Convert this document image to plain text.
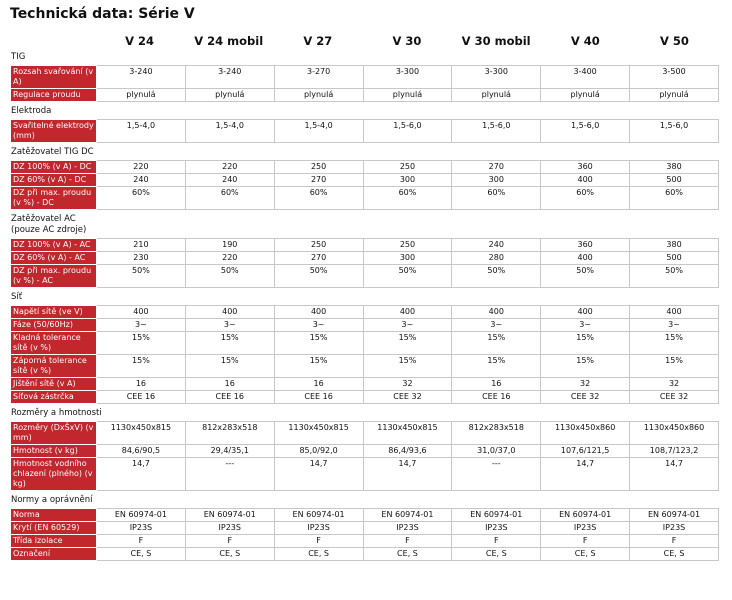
Technická data: Série V
V 24	V 24 mobil	V 27	V 30	V 30 mobil	V 40	V 50
TIG
Rozsah svařování (v A)	3-240	3-240	3-270	3-300	3-300	3-400	3-500
Regulace proudu	plynulá	plynulá	plynulá	plynulá	plynulá	plynulá	plynulá
Elektroda
Svařitelné elektrody (mm)	1,5-4,0	1,5-4,0	1,5-4,0	1,5-6,0	1,5-6,0	1,5-6,0	1,5-6,0
Zatěžovatel TIG DC
DZ 100% (v A) - DC	220	220	250	250	270	360	380
DZ 60% (v A) - DC	240	240	270	300	300	400	500
DZ při max. proudu (v %) - DC	60%	60%	60%	60%	60%	60%	60%
Zatěžovatel AC (pouze AC zdroje)
DZ 100% (v A) - AC	210	190	250	250	240	360	380
DZ 60% (v A) - AC	230	220	270	300	280	400	500
DZ při max. proudu (v %) - AC	50%	50%	50%	50%	50%	50%	50%
Síť
Napětí sítě (ve V)	400	400	400	400	400	400	400
Fáze (50/60Hz)	3~	3~	3~	3~	3~	3~	3~
Kladná tolerance sítě (v %)	15%	15%	15%	15%	15%	15%	15%
Záporná tolerance sítě (v %)	15%	15%	15%	15%	15%	15%	15%
Jištění sítě (v A)	16	16	16	32	16	32	32
Síťová zástrčka	CEE 16	CEE 16	CEE 16	CEE 32	CEE 16	CEE 32	CEE 32
Rozměry a hmotnosti
Rozměry (DxŠxV) (v mm)	1130x450x815	812x283x518	1130x450x815	1130x450x815	812x283x518	1130x450x860	1130x450x860
Hmotnost (v kg)	84,6/90,5	29,4/35,1	85,0/92,0	86,4/93,6	31,0/37,0	107,6/121,5	108,7/123,2
Hmotnost vodního chlazení (plného) (v kg)	14,7	---	14,7	14,7	---	14,7	14,7
Normy a oprávnění
Norma	EN 60974-01	EN 60974-01	EN 60974-01	EN 60974-01	EN 60974-01	EN 60974-01	EN 60974-01
Krytí (EN 60529)	IP23S	IP23S	IP23S	IP23S	IP23S	IP23S	IP23S
Třída izolace	F	F	F	F	F	F	F
Označení	CE, S	CE, S	CE, S	CE, S	CE, S	CE, S	CE, S
